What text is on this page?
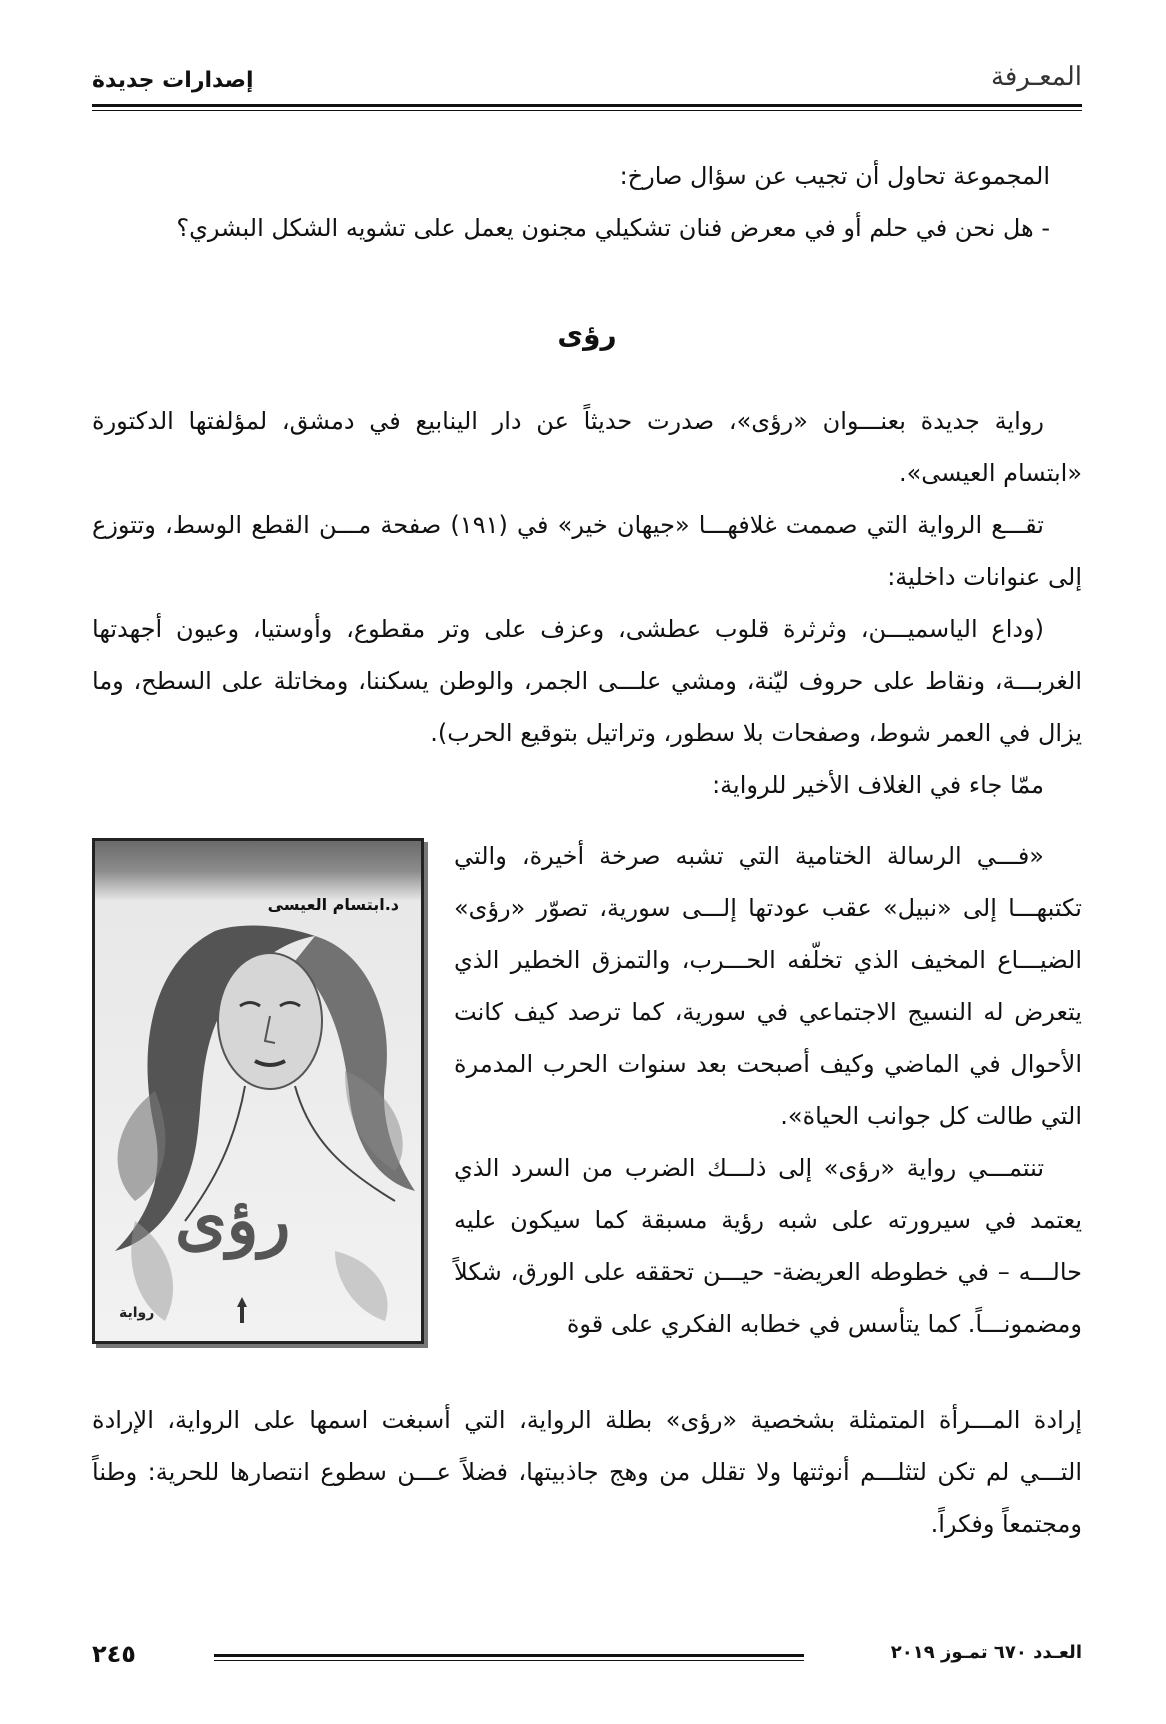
المعـرفة
إصدارات جديدة

المجموعة تحاول أن تجيب عن سؤال صارخ:

- هل نحن في حلم أو في معرض فنان تشكيلي مجنون يعمل على تشويه الشكل البشري؟

رؤى

رواية جديدة بعنـــوان «رؤى»، صدرت حديثاً عن دار الينابيع في دمشق، لمؤلفتها الدكتورة «ابتسام العيسى».

تقـــع الرواية التي صممت غلافهـــا «جيهان خير» في (١٩١) صفحة مـــن القطع الوسط، وتتوزع إلى عنوانات داخلية:

(وداع الياسميـــن، وثرثرة قلوب عطشى، وعزف على وتر مقطوع، وأوستيا، وعيون أجهدتها الغربـــة، ونقاط على حروف ليّنة، ومشي علـــى الجمر، والوطن يسكننا، ومخاتلة على السطح، وما يزال في العمر شوط، وصفحات بلا سطور، وتراتيل بتوقيع الحرب).

ممّا جاء في الغلاف الأخير للرواية:

«فـــي الرسالة الختامية التي تشبه صرخة أخيرة، والتي تكتبهـــا إلى «نبيل» عقب عودتها إلـــى سورية، تصوّر «رؤى» الضيـــاع المخيف الذي تخلّفه الحـــرب، والتمزق الخطير الذي يتعرض له النسيج الاجتماعي في سورية، كما ترصد كيف كانت الأحوال في الماضي وكيف أصبحت بعد سنوات الحرب المدمرة التي طالت كل جوانب الحياة».

تنتمـــي رواية «رؤى» إلى ذلـــك الضرب من السرد الذي يعتمد في سيرورته على شبه رؤية مسبقة كما سيكون عليه حالـــه – في خطوطه العريضة- حيـــن تحققه على الورق، شكلاً ومضمونـــاً. كما يتأسس في خطابه الفكري على قوة

د.ابتسام العيسى
رؤى
رواية

إرادة المـــرأة المتمثلة بشخصية «رؤى» بطلة الرواية، التي أسبغت اسمها على الرواية، الإرادة التـــي لم تكن لتثلـــم أنوثتها ولا تقلل من وهج جاذبيتها، فضلاً عـــن سطوع انتصارها للحرية: وطناً ومجتمعاً وفكراً.

٢٤٥	العـدد ٦٧٠ تمـوز ٢٠١٩
